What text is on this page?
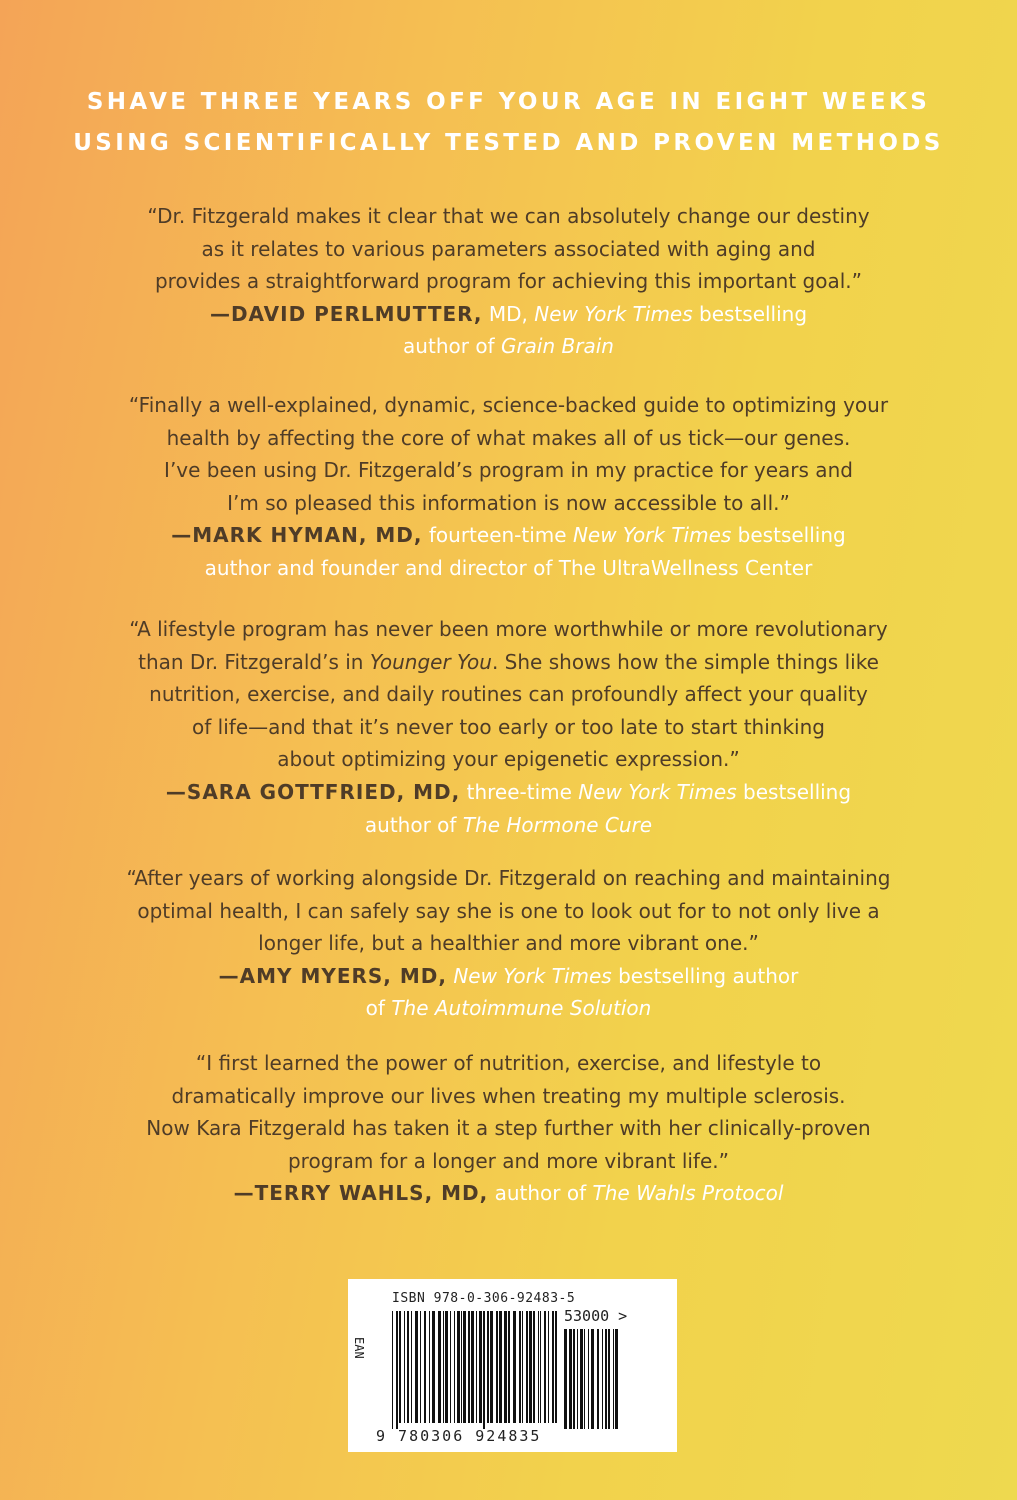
SHAVE THREE YEARS OFF YOUR AGE IN EIGHT WEEKS
USING SCIENTIFICALLY TESTED AND PROVEN METHODS
“Dr. Fitzgerald makes it clear that we can absolutely change our destiny
as it relates to various parameters associated with aging and
provides a straightforward program for achieving this important goal.”
—DAVID PERLMUTTER, MD, New York Times bestselling
author of Grain Brain
“Finally a well-explained, dynamic, science-backed guide to optimizing your
health by affecting the core of what makes all of us tick—our genes.
I’ve been using Dr. Fitzgerald’s program in my practice for years and
I’m so pleased this information is now accessible to all.”
—MARK HYMAN, MD, fourteen-time New York Times bestselling
author and founder and director of The UltraWellness Center
“A lifestyle program has never been more worthwhile or more revolutionary
than Dr. Fitzgerald’s in Younger You. She shows how the simple things like
nutrition, exercise, and daily routines can profoundly affect your quality
of life—and that it’s never too early or too late to start thinking
about optimizing your epigenetic expression.”
—SARA GOTTFRIED, MD, three-time New York Times bestselling
author of The Hormone Cure
“After years of working alongside Dr. Fitzgerald on reaching and maintaining
optimal health, I can safely say she is one to look out for to not only live a
longer life, but a healthier and more vibrant one.”
—AMY MYERS, MD, New York Times bestselling author
of The Autoimmune Solution
“I first learned the power of nutrition, exercise, and lifestyle to
dramatically improve our lives when treating my multiple sclerosis.
Now Kara Fitzgerald has taken it a step further with her clinically-proven
program for a longer and more vibrant life.”
—TERRY WAHLS, MD, author of The Wahls Protocol
ISBN 978-0-306-92483-5
53000 >
EAN
9 780306 924835
